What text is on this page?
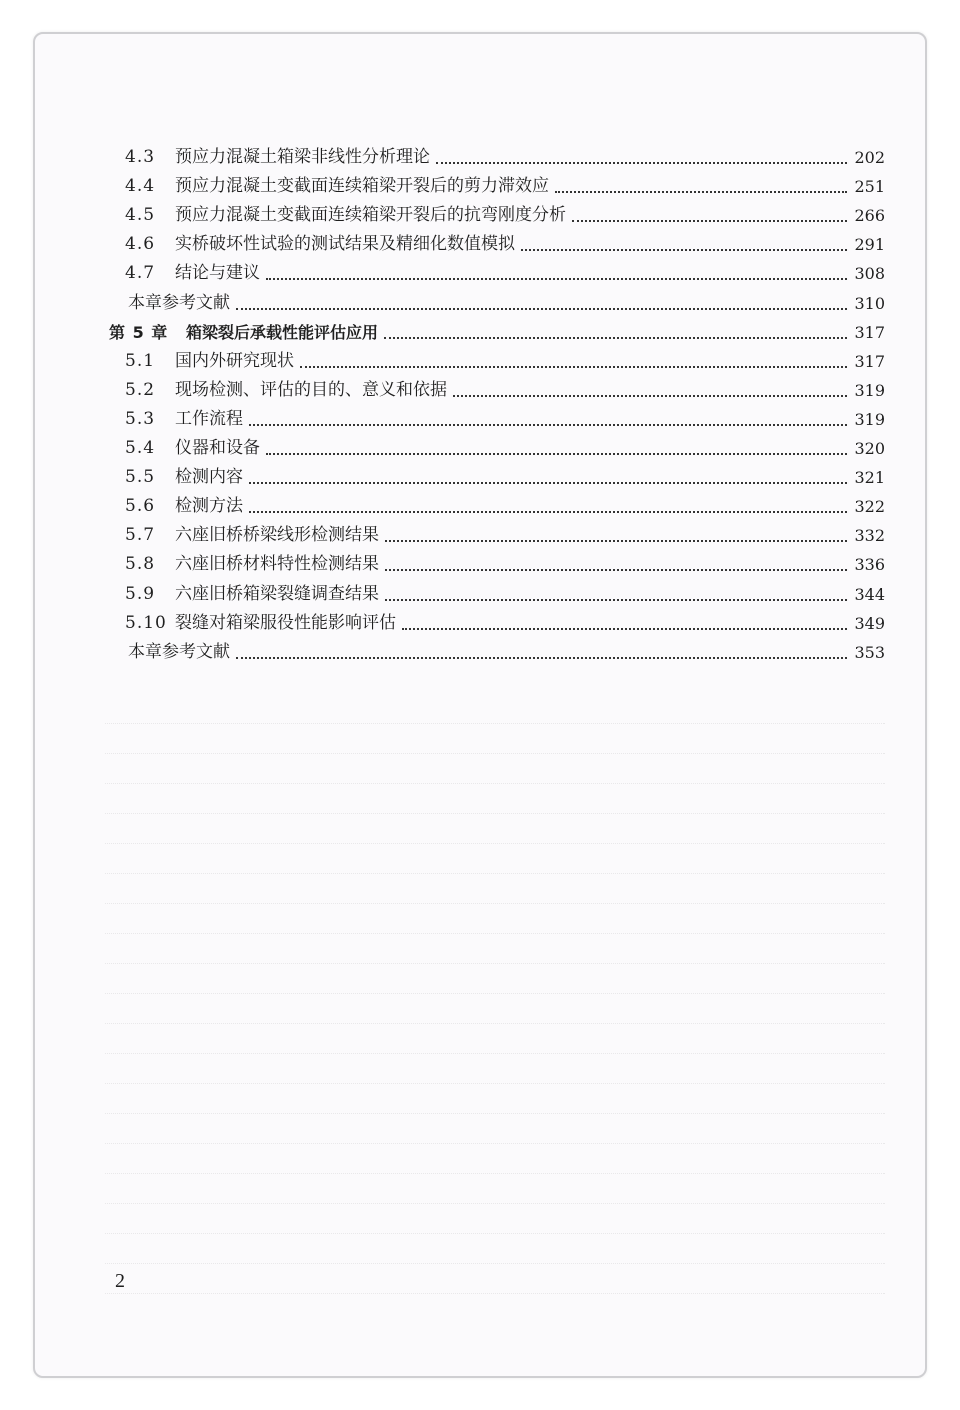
4.3 预应力混凝土箱梁非线性分析理论	202
4.4 预应力混凝土变截面连续箱梁开裂后的剪力滞效应	251
4.5 预应力混凝土变截面连续箱梁开裂后的抗弯刚度分析	266
4.6 实桥破坏性试验的测试结果及精细化数值模拟	291
4.7 结论与建议	308
本章参考文献	310
第 5 章 箱梁裂后承载性能评估应用	317
5.1 国内外研究现状	317
5.2 现场检测、评估的目的、意义和依据	319
5.3 工作流程	319
5.4 仪器和设备	320
5.5 检测内容	321
5.6 检测方法	322
5.7 六座旧桥桥梁线形检测结果	332
5.8 六座旧桥材料特性检测结果	336
5.9 六座旧桥箱梁裂缝调查结果	344
5.10 裂缝对箱梁服役性能影响评估	349
本章参考文献	353
2
